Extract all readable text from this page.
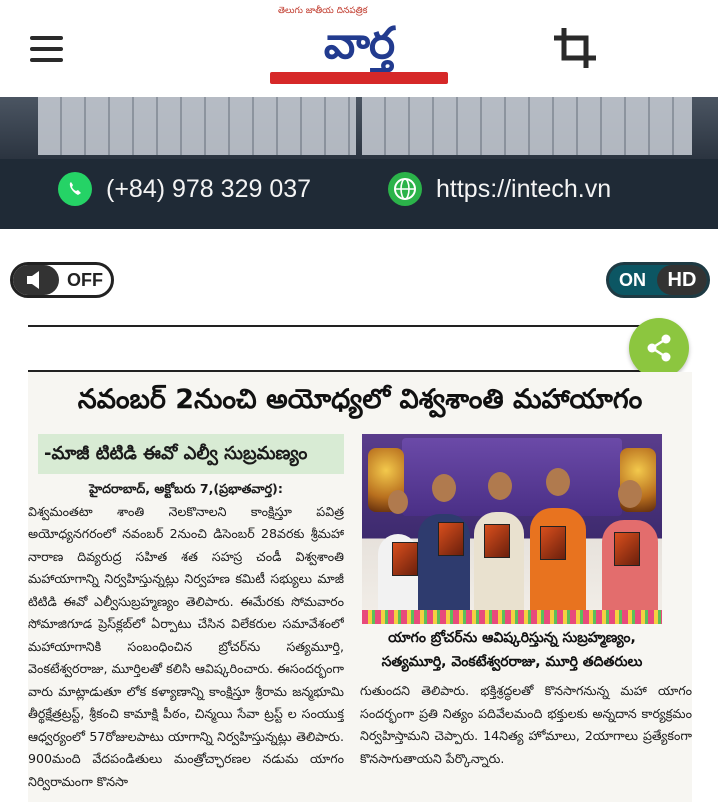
తెలుగు జాతీయ దినపత్రిక
వార్త
(+84) 978 329 037	https://intech.vn
OFF	ON	HD
నవంబర్ 2నుంచి అయోధ్యలో విశ్వశాంతి మహాయాగం
-మాజీ టిటిడి ఈవో ఎల్వీ సుబ్రమణ్యం
హైదరాబాద్, అక్టోబరు 7,(ప్రభాతవార్త):
విశ్వమంతటా శాంతి నెలకొనాలని కాంక్షిస్తూ పవిత్ర అయోధ్యనగరంలో నవంబర్ 2నుంచి డిసెంబర్ 28వరకు శ్రీమహా నారాణ దివ్యరుద్ర సహిత శత సహస్ర చండీ విశ్వశాంతి మహాయాగాన్ని నిర్వహిస్తున్నట్లు నిర్వహణ కమిటీ సభ్యులు మాజీ టిటిడి ఈవో ఎల్వీసుబ్రహ్మణ్యం తెలిపారు. ఈమేరకు సోమవారం సోమాజిగూడ ప్రెస్‌క్లబ్‌లో ఏర్పాటు చేసిన విలేకరుల సమావేశంలో మహాయాగానికి సంబంధించిన బ్రోచర్‌ను సత్యమూర్తి, వెంకటేశ్వరరాజు, మూర్తిలతో కలిసి ఆవిష్కరించారు. ఈసందర్భంగా వారు మాట్లాడుతూ లోక కళ్యాణాన్ని కాంక్షిస్తూ శ్రీరామ జన్మభూమి తీర్థక్షేత్రట్రస్ట్, శ్రీకంచి కామాక్షి పీఠం, చిన్మయి సేవా ట్రస్ట్ ల సంయుక్త ఆధ్వర్యంలో 57రోజులపాటు యాగాన్ని నిర్వహిస్తున్నట్లు తెలిపారు. 900మంది వేదపండితులు మంత్రోచ్ఛారణల నడుమ యాగం నిర్విరామంగా కొనసా
యాగం బ్రోచర్‌ను ఆవిష్కరిస్తున్న సుబ్రహ్మణ్యం, సత్యమూర్తి, వెంకటేశ్వరరాజు, మూర్తి తదితరులు
గుతుందని తెలిపారు. భక్తిశ్రద్ధలతో కొనసాగనున్న మహా యాగం సందర్భంగా ప్రతి నిత్యం పదివేలమంది భక్తులకు అన్నదాన కార్యక్రమం నిర్వహిస్తామని చెప్పారు. 14నిత్య హోమాలు, 2యాగాలు ప్రత్యేకంగా కొనసాగుతాయని పేర్కొన్నారు.
